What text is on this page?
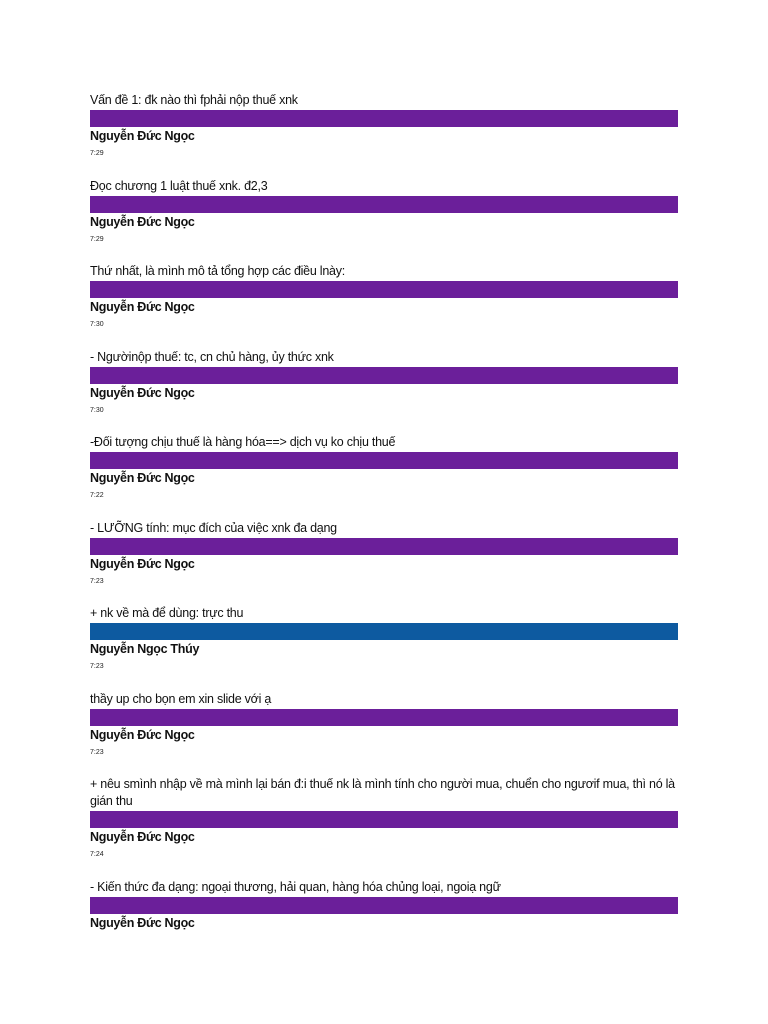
Vấn đề 1: đk nào thì fphải nộp thuế xnk

Nguyễn Đức Ngọc
7:29

Đọc chương 1 luật thuế xnk. đ2,3

Nguyễn Đức Ngọc
7:29

Thứ nhất, là mình mô tả tổng hợp các điều lnày:

Nguyễn Đức Ngọc
7:30

- Ngườinộp thuế: tc, cn chủ hàng, ủy thức xnk

Nguyễn Đức Ngọc
7:30

-Đối tượng chịu thuế là hàng hóa==> dịch vụ ko chịu thuế

Nguyễn Đức Ngọc
7:22

- LƯỠNG tính: mục đích của việc xnk đa dạng

Nguyễn Đức Ngọc
7:23

+ nk về mà để dùng: trực thu

Nguyễn Ngọc Thúy
7:23

thầy up cho bọn em xin slide với ạ

Nguyễn Đức Ngọc
7:23

+ nêu smình nhập về mà mình lại bán đ:i thuế nk là mình tính cho người mua, chuển cho ngươif mua, thì nó là gián thu

Nguyễn Đức Ngọc
7:24

- Kiến thức đa dạng: ngoại thương, hải quan, hàng hóa chủng loại, ngoiạ ngữ

Nguyễn Đức Ngọc
